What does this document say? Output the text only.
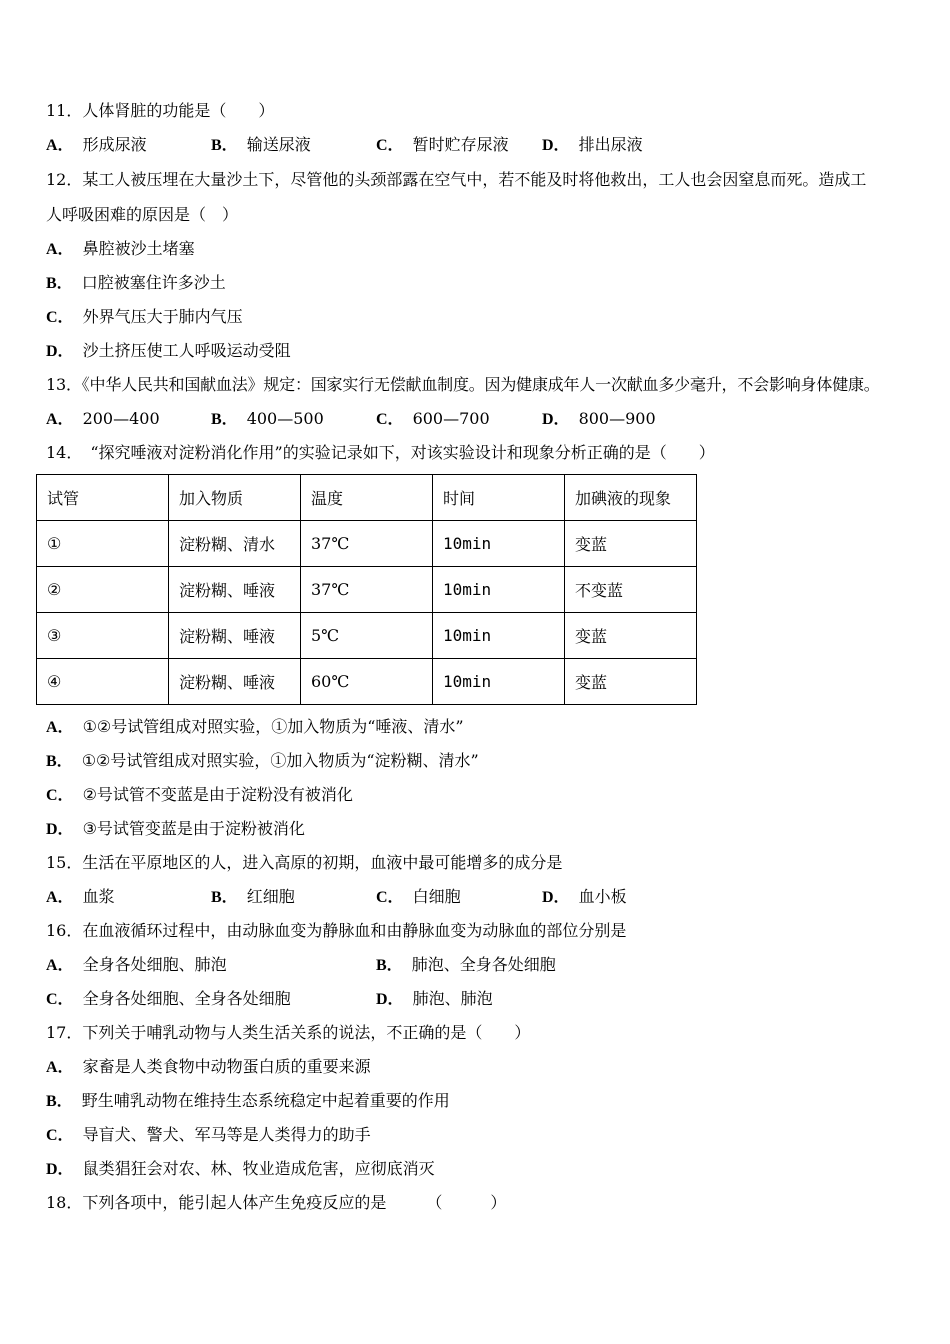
11．人体肾脏的功能是（　　）
A． 形成尿液	B． 输送尿液	C． 暂时贮存尿液 D． 排出尿液
12．某工人被压埋在大量沙土下，尽管他的头颈部露在空气中，若不能及时将他救出，工人也会因窒息而死。造成工
人呼吸困难的原因是（　）
A． 鼻腔被沙土堵塞
B． 口腔被塞住许多沙土
C． 外界气压大于肺内气压
D． 沙土挤压使工人呼吸运动受阻
13．《中华人民共和国献血法》规定：国家实行无偿献血制度。因为健康成年人一次献血多少毫升，不会影响身体健康。
A． 200—400	B． 400—500	C． 600—700	D． 800—900
14．　“探究唾液对淀粉消化作用”的实验记录如下，对该实验设计和现象分析正确的是（　　）
试管	加入物质	温度	时间	加碘液的现象
①	淀粉糊、清水	37℃	10min	变蓝
②	淀粉糊、唾液	37℃	10min	不变蓝
③	淀粉糊、唾液	5℃	10min	变蓝
④	淀粉糊、唾液	60℃	10min	变蓝
A． ①②号试管组成对照实验，①加入物质为“唾液、清水”
B． ①②号试管组成对照实验，①加入物质为“淀粉糊、清水”
C． ②号试管不变蓝是由于淀粉没有被消化
D． ③号试管变蓝是由于淀粉被消化
15．生活在平原地区的人，进入高原的初期，血液中最可能增多的成分是
A． 血浆	B． 红细胞	C． 白细胞	D． 血小板
16．在血液循环过程中，由动脉血变为静脉血和由静脉血变为动脉血的部位分别是
A． 全身各处细胞、肺泡	B． 肺泡、全身各处细胞
C． 全身各处细胞、全身各处细胞	D． 肺泡、肺泡
17．下列关于哺乳动物与人类生活关系的说法，不正确的是（　　）
A． 家畜是人类食物中动物蛋白质的重要来源
B． 野生哺乳动物在维持生态系统稳定中起着重要的作用
C． 导盲犬、警犬、军马等是人类得力的助手
D． 鼠类猖狂会对农、林、牧业造成危害，应彻底消灭
18．下列各项中，能引起人体产生免疫反应的是　　　（　　　）
